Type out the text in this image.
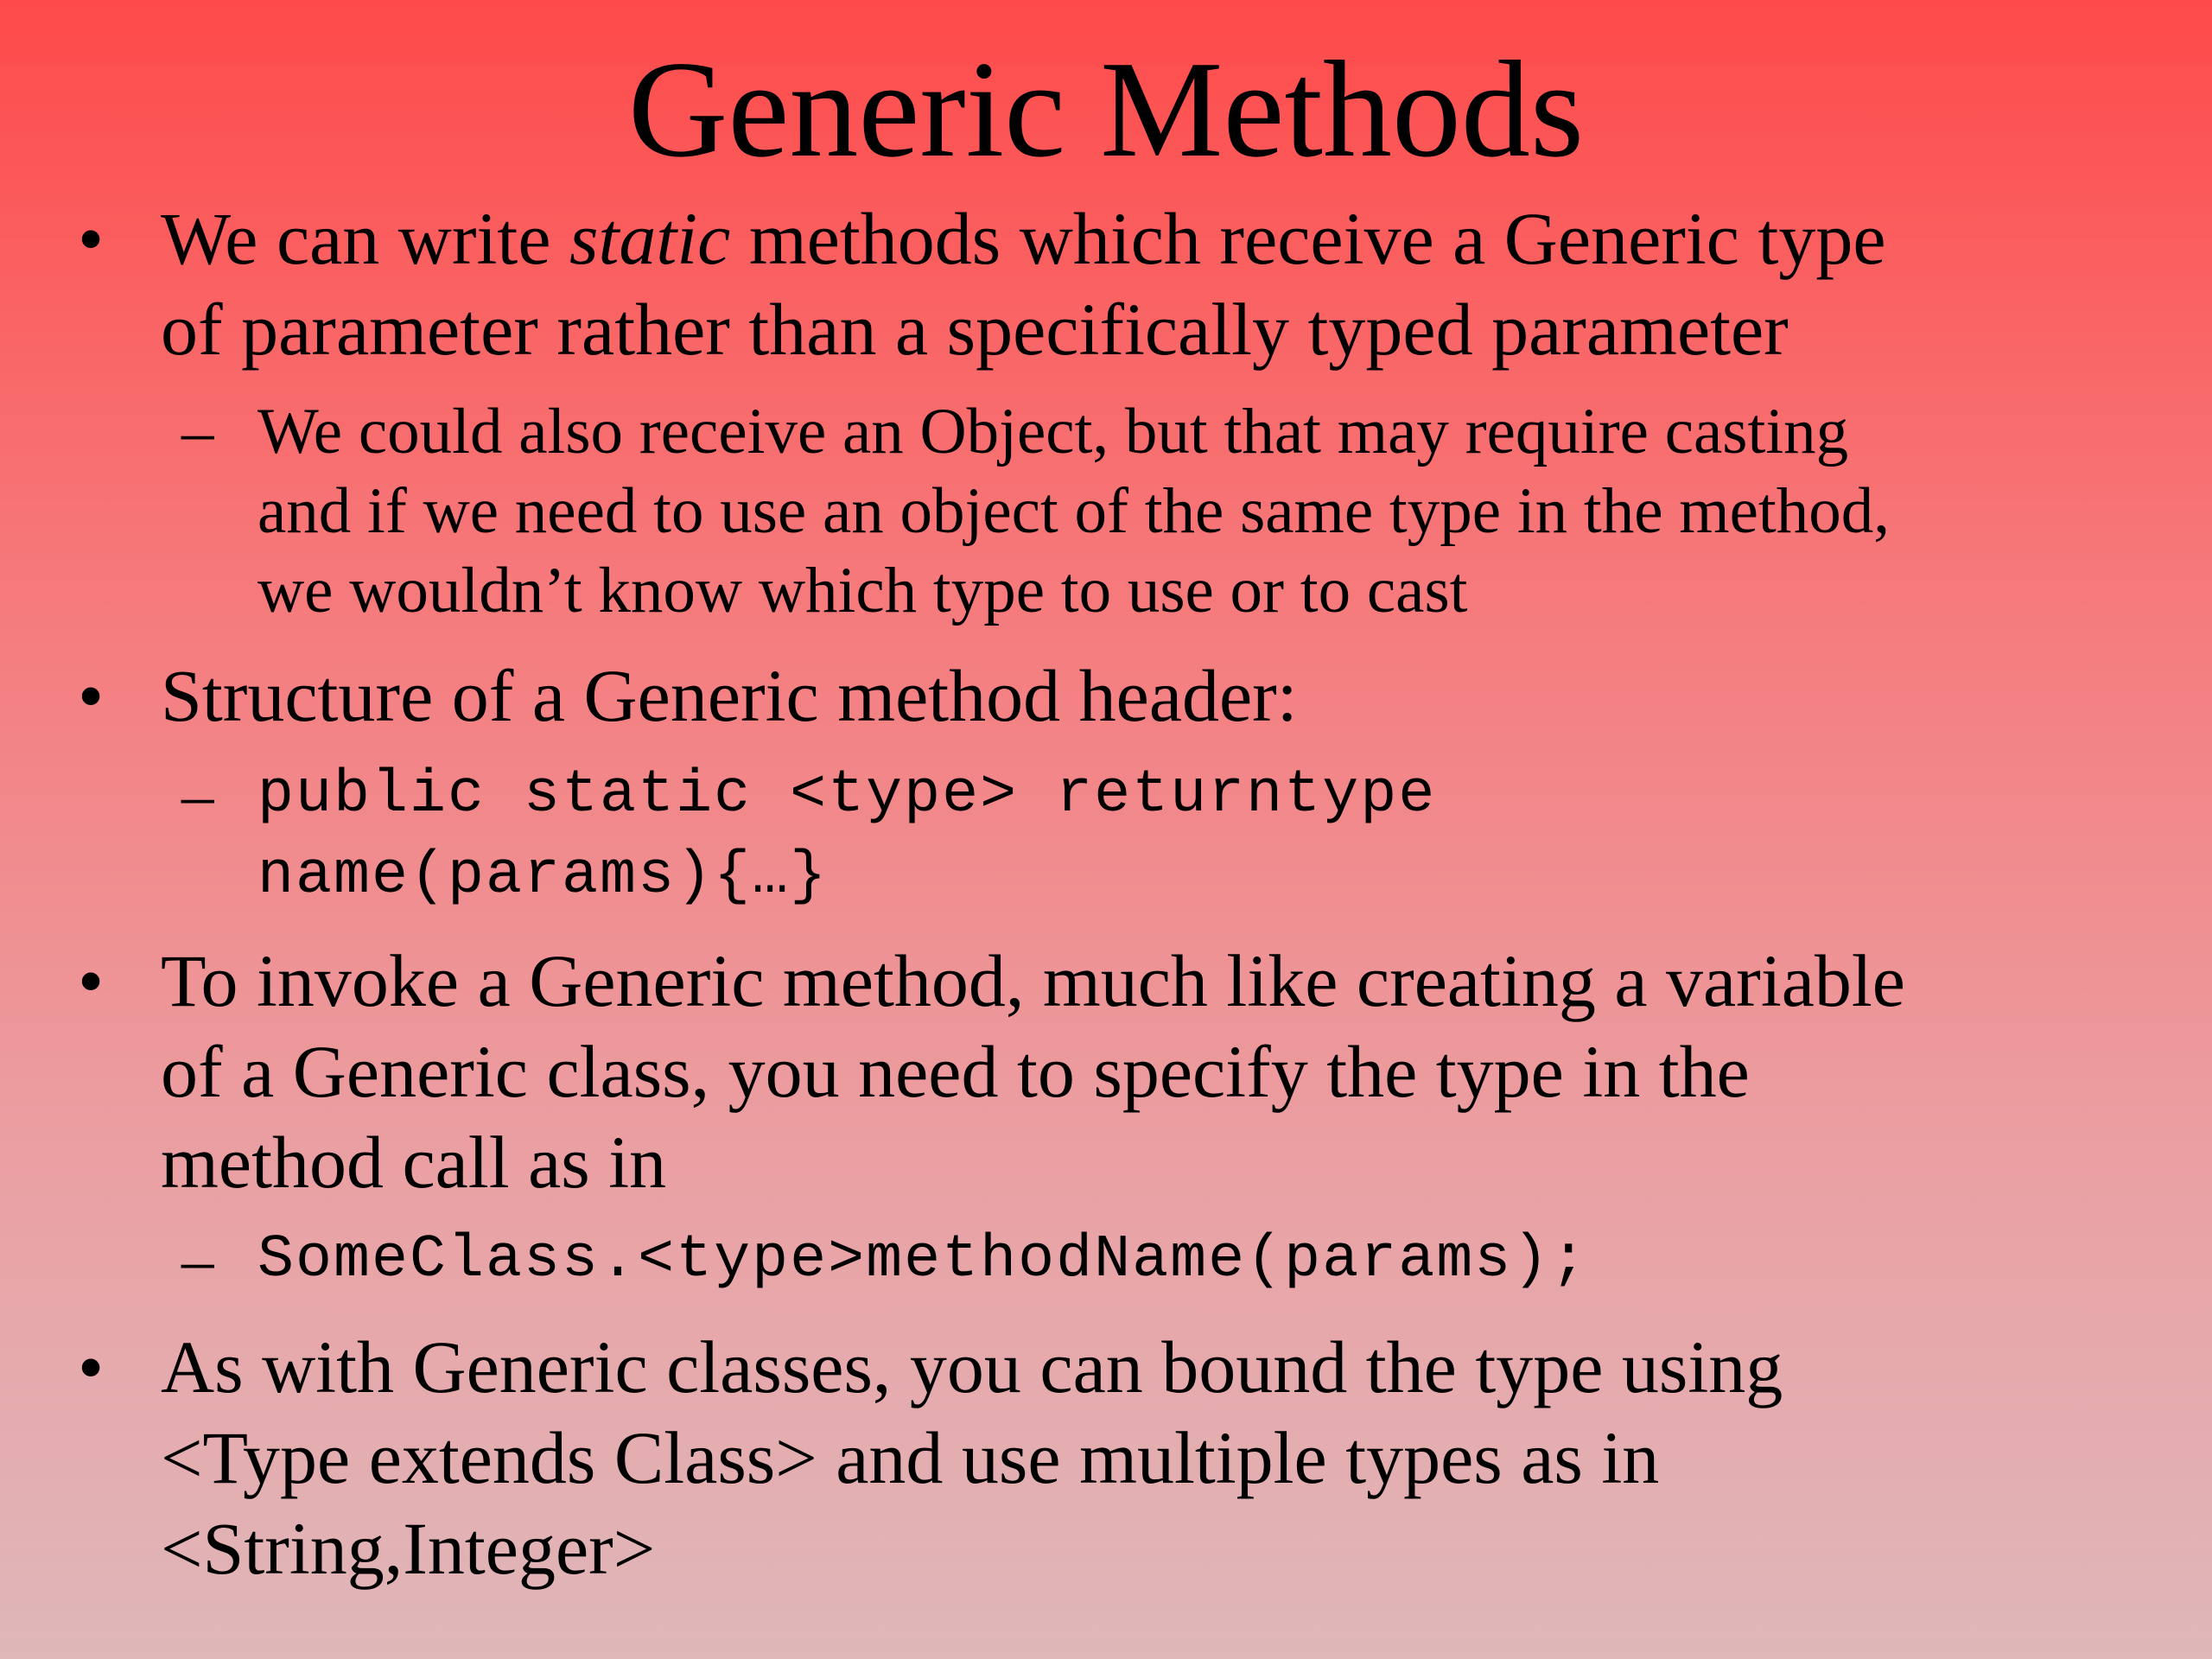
Generic Methods
• We can write static methods which receive a Generic type
of parameter rather than a specifically typed parameter
– We could also receive an Object, but that may require casting
and if we need to use an object of the same type in the method,
we wouldn’t know which type to use or to cast
• Structure of a Generic method header:
– public static <type> returntype
name(params){…}
• To invoke a Generic method, much like creating a variable
of a Generic class, you need to specify the type in the
method call as in
– SomeClass.<type>methodName(params);
• As with Generic classes, you can bound the type using
<Type extends Class> and use multiple types as in
<String,Integer>
